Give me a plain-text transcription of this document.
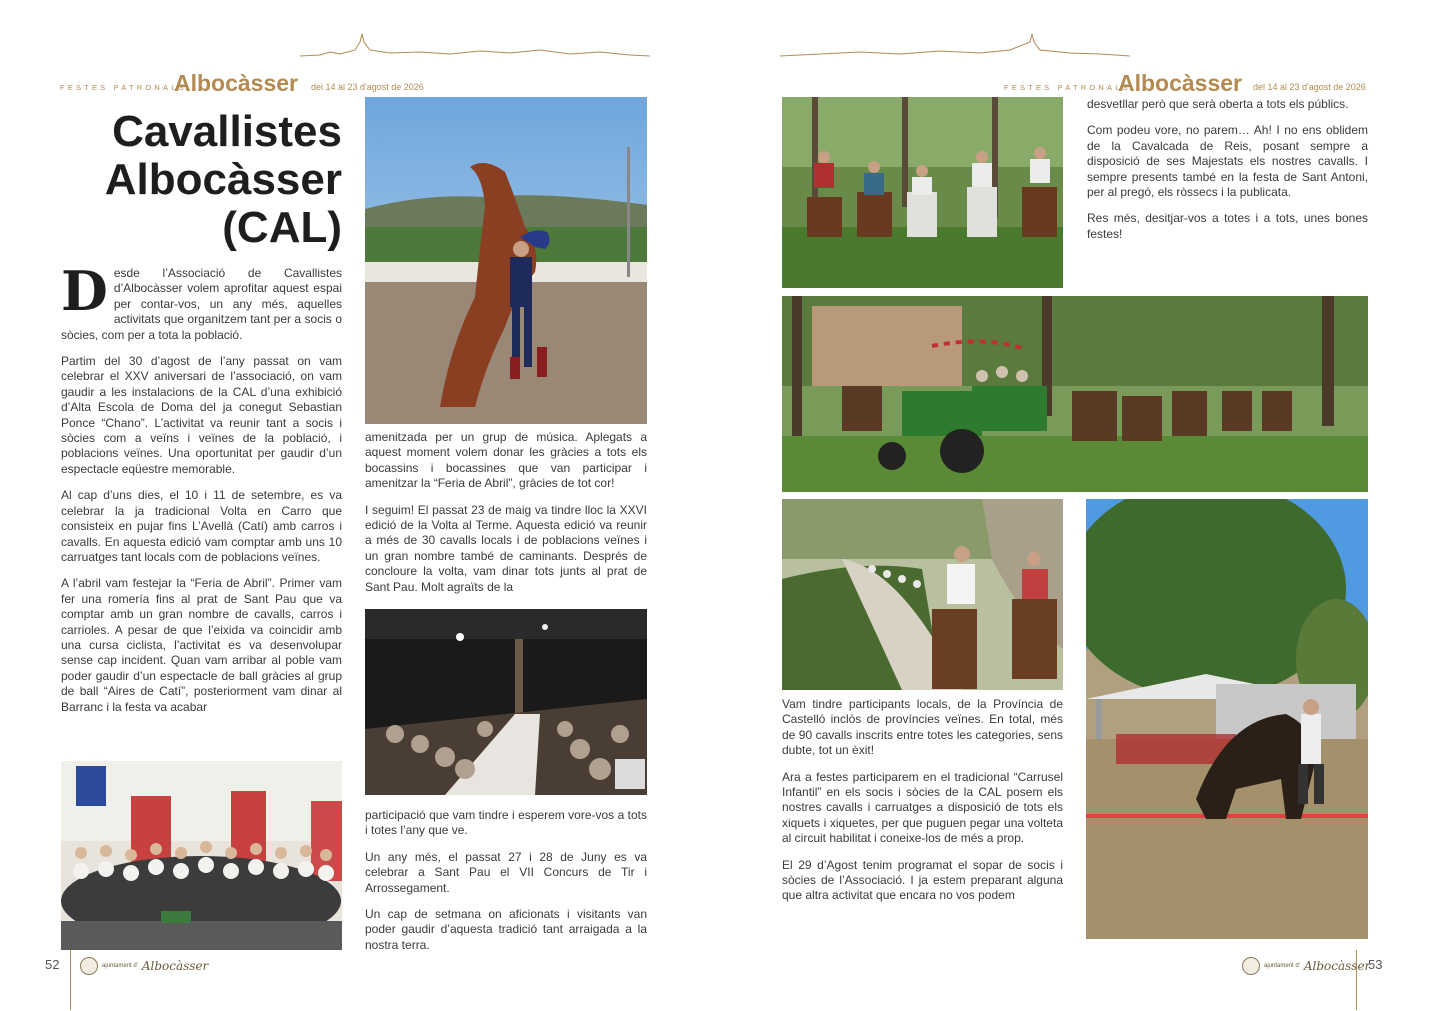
FESTES PATRONALS
Albocàsser del 14 al 23 d'agost de 2026
Cavallistes
Albocàsser
(CAL)

D esde l’Associació de Cavallistes d’Albocàsser volem aprofitar aquest espai per contar-vos, un any més, aquelles activitats que organitzem tant per a socis o sòcies, com per a tota la població.

Partim del 30 d’agost de l’any passat on vam celebrar el XXV aniversari de l’associació, on vam gaudir a les instalacions de la CAL d’una exhibició d’Alta Escola de Doma del ja conegut Sebastian Ponce “Chano”. L’activitat va reunir tant a socis i sòcies com a veïns i veïnes de la població, i poblacions veïnes. Una oportunitat per gaudir d’un espectacle eqüestre memorable.

Al cap d’uns dies, el 10 i 11 de setembre, es va celebrar la ja tradicional Volta en Carro que consisteix en pujar fins L’Avellà (Catí) amb carros i cavalls. En aquesta edició vam comptar amb uns 10 carruatges tant locals com de poblacions veïnes.

A l’abril vam festejar la “Feria de Abril”. Primer vam fer una romería fins al prat de Sant Pau que va comptar amb un gran nombre de cavalls, carros i carrioles. A pesar de que l’eixida va coincidir amb una cursa ciclista, l’activitat es va desenvolupar sense cap incident. Quan vam arribar al poble vam poder gaudir d’un espectacle de ball gràcies al grup de ball “Aires de Catí”, posteriorment vam dinar al Barranc i la festa va acabar

amenitzada per un grup de música. Aplegats a aquest moment volem donar les gràcies a tots els bocassins i bocassines que van participar i amenitzar la “Feria de Abril”, gràcies de tot cor!

I seguim! El passat 23 de maig va tindre lloc la XXVI edició de la Volta al Terme. Aquesta edició va reunir a més de 30 cavalls locals i de poblacions veïnes i un gran nombre també de caminants. Després de concloure la volta, vam dinar tots junts al prat de Sant Pau. Molt agraïts de la

participació que vam tindre i esperem vore-vos a tots i totes l’any que ve.

Un any més, el passat 27 i 28 de Juny es va celebrar a Sant Pau el VII Concurs de Tir i Arrossegament.

Un cap de setmana on aficionats i visitants van poder gaudir d’aquesta tradició tant arraigada a la nostra terra.

52	ajuntament d' Albocàsser
FESTES PATRONALS
Albocàsser del 14 al 23 d'agost de 2026

desvetllar però que serà oberta a tots els públics.

Com podeu vore, no parem… Ah! I no ens oblidem de la Cavalcada de Reis, posant sempre a disposició de ses Majestats els nostres cavalls. I sempre presents també en la festa de Sant Antoni, per al pregó, els ròssecs i la publicata.

Res més, desitjar-vos a totes i a tots, unes bones festes!

Vam tindre participants locals, de la Província de Castelló inclòs de províncies veïnes. En total, més de 90 cavalls inscrits entre totes les categories, sens dubte, tot un èxit!

Ara a festes participarem en el tradicional “Carrusel Infantil” en els socis i sòcies de la CAL posem els nostres cavalls i carruatges a disposició de tots els xiquets i xiquetes, per que puguen pegar una volteta al circuit habilitat i coneixe-los de més a prop.

El 29 d’Agost tenim programat el sopar de socis i sòcies de l’Associació. I ja estem preparant alguna que altra activitat que encara no vos podem

53
ajuntament d' Albocàsser
